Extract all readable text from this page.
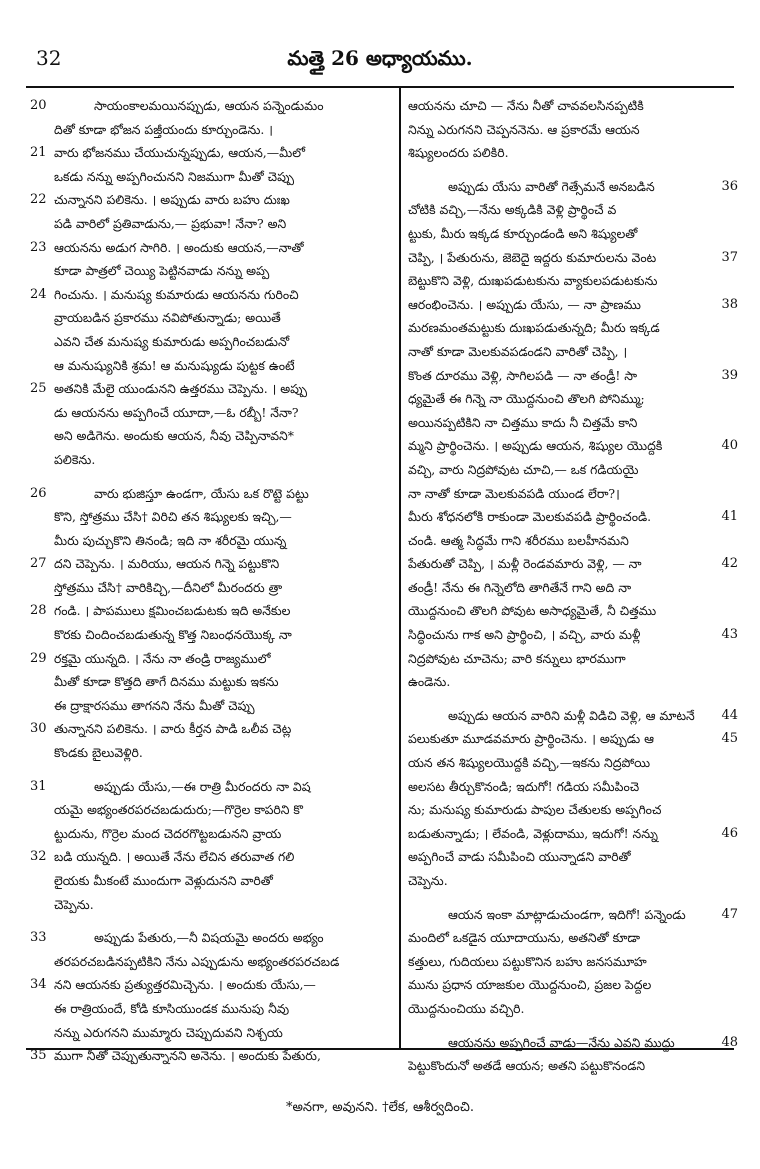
32	మత్తై 26 అధ్యాయము.
20	సాయంకాలమయినప్పుడు, ఆయన పన్నెండుమం
దితో కూడా భోజన పజ్తీయందు కూర్చుండెను. ।
21 వారు భోజనము చేయుచున్నప్పుడు, ఆయన,—మీలో
ఒకడు నన్ను అప్పగించునని నిజముగా మీతో చెప్పు
22 చున్నానని పలికెను. । అప్పుడు వారు బహు దుఃఖ
పడి వారిలో ప్రతివాడును,— ప్రభువా! నేనా? అని
23 ఆయనను అడుగ సాగిరి. । అందుకు ఆయన,—నాతో
కూడా పాత్రలో చెయ్యి పెట్టినవాడు నన్ను అప్ప
24 గించును. । మనుష్య కుమారుడు ఆయనను గురించి
వ్రాయబడిన ప్రకారము నవిపోతున్నాడు; అయితే
ఎవని చేత మనుష్య కుమారుడు అప్పగించబడునో
ఆ మనుష్యునికి శ్రమ! ఆ మనుష్యుడు పుట్టక ఉంటే
25 అతనికి మేలై యుండునని ఉత్తరము చెప్పెను. । అప్పు
డు ఆయనను అప్పగించే యూదా,—ఓ రబ్బీ! నేనా?
అని అడిగెను. అందుకు ఆయన, నీవు చెప్పినావని*
పలికెను.
26	వారు భుజిస్తూ ఉండగా, యేసు ఒక రొట్టె పట్టు
కొని, స్తోత్రము చేసి† విరిచి తన శిష్యులకు ఇచ్చి,—
మీరు పుచ్చుకొని తినండి; ఇది నా శరీరమై యున్న
27 దని చెప్పెను. । మరియు, ఆయన గిన్నె పట్టుకొని
స్తోత్రము చేసి† వారికిచ్చి,—దీనిలో మీరందరు త్రా
28 గండి. । పాపములు క్షమించబడుటకు ఇది అనేకుల
కొరకు చిందించబడుతున్న కొత్త నిబంధనయొక్క నా
29 రక్తమై యున్నది. । నేను నా తండ్రి రాజ్యములో
మీతో కూడా కొత్తది తాగే దినము మట్టుకు ఇకను
ఈ ద్రాక్షారసము తాగనని నేను మీతో చెప్పు
30 తున్నానని పలికెను. । వారు కీర్తన పాడి ఒలీవ చెట్ల
కొండకు బైలువెళ్లిరి.
31	అప్పుడు యేసు,—ఈ రాత్రి మీరందరు నా విష
యమై అభ్యంతరపరచబడుదురు;—గొర్రెల కాపరిని కొ
ట్టుదును, గొర్రెల మంద చెదరగొట్టబడునని వ్రాయ
32 బడి యున్నది. । అయితే నేను లేచిన తరువాత గలి
లైయకు మీకంటే ముందుగా వెళ్లుదునని వారితో
చెప్పెను.
33	అప్పుడు పేతురు,—నీ విషయమై అందరు అభ్యం
తరపరచబడినప్పటికిని నేను ఎప్పుడును అభ్యంతరపరచబడ
34 నని ఆయనకు ప్రత్యుత్తరమిచ్చెను. । అందుకు యేసు,—
ఈ రాత్రియందే, కోడి కూసియుండక మునుపు నీవు
నన్ను ఎరుగనని ముమ్మారు చెప్పుదువని నిశ్చయ
35 ముగా నీతో చెప్పుతున్నానని అనెను. । అందుకు పేతురు,
ఆయనను చూచి — నేను నీతో చావవలసినప్పటికి
నిన్ను ఎరుగనని చెప్పననెను. ఆ ప్రకారమే ఆయన
శిష్యులందరు పలికిరి.
36
అప్పుడు యేసు వారితో గెత్సేమనే అనబడిన
చోటికి వచ్చి,—నేను అక్కడికి వెళ్లి ప్రార్థించే వ
ట్టుకు, మీరు ఇక్కడ కూర్చుండండి అని శిష్యులతో
37
చెప్పి, । పేతురును, జెబెదై ఇద్దరు కుమారులను వెంట
బెట్టుకొని వెళ్లి, దుఃఖపడుటకును వ్యాకులపడుటకును
38
ఆరంభించెను. । అప్పుడు యేసు, — నా ప్రాణము
మరణమంతమట్టుకు దుఃఖపడుతున్నది; మీరు ఇక్కడ
నాతో కూడా మెలకువపడండని వారితో చెప్పి, ।
39
కొంత దూరము వెళ్లి, సాగిలపడి — నా తండ్రీ! సా
ధ్యమైతే ఈ గిన్నె నా యొద్దనుంచి తొలగి పోనిమ్ము;
అయినప్పటికిని నా చిత్తము కాదు నీ చిత్తమే కాని
40
మ్మని ప్రార్థించెను. । అప్పుడు ఆయన, శిష్యుల యొద్దకి
వచ్చి, వారు నిద్రపోవుట చూచి,— ఒక గడియయై
నా నాతో కూడా మెలకువపడి యుండ లేరా?।
41
మీరు శోధనలోకి రాకుండా మెలకువపడి ప్రార్థించండి.
చండి. ఆత్మ సిద్ధమే గాని శరీరము బలహీనమని
42
పేతురుతో చెప్పి, । మళ్లీ రెండవమారు వెళ్లి, — నా
తండ్రీ! నేను ఈ గిన్నెలోది తాగితేనే గాని అది నా
యొద్దనుంచి తొలగి పోవుట అసాధ్యమైతే, నీ చిత్తము
43
సిద్ధించును గాక అని ప్రార్థించి, । వచ్చి, వారు మళ్లీ
నిద్రపోవుట చూచెను; వారి కన్నులు భారముగా
ఉండెను.
44
అప్పుడు ఆయన వారిని మళ్లీ విడిచి వెళ్లి, ఆ మాటనే
45
పలుకుతూ మూడవమారు ప్రార్థించెను. । అప్పుడు ఆ
యన తన శిష్యులయొద్దకి వచ్చి,—ఇకను నిద్రపోయి
అలసట తీర్చుకొనండి; ఇదుగో! గడియ సమీపించె
ను; మనుష్య కుమారుడు పాపుల చేతులకు అప్పగించ
46
బడుతున్నాడు; । లేవండి, వెళ్లుదాము, ఇదుగో! నన్ను
అప్పగించే వాడు సమీపించి యున్నాడని వారితో
చెప్పెను.
47
ఆయన ఇంకా మాట్లాడుచుండగా, ఇదిగో! పన్నెండు
మందిలో ఒకడైన యూదాయును, అతనితో కూడా
కత్తులు, గుదియలు పట్టుకొనిన బహు జనసమూహ
మును ప్రధాన యాజకుల యొద్దనుంచి, ప్రజల పెద్దల
యొద్దనుంచియు వచ్చిరి.
48
ఆయనను అప్పగించే వాడు—నేను ఎవని ముద్దు
పెట్టుకొందునో అతడే ఆయన; అతని పట్టుకొనండని
*అనగా, అవునని. †లేక, ఆశీర్వదించి.
